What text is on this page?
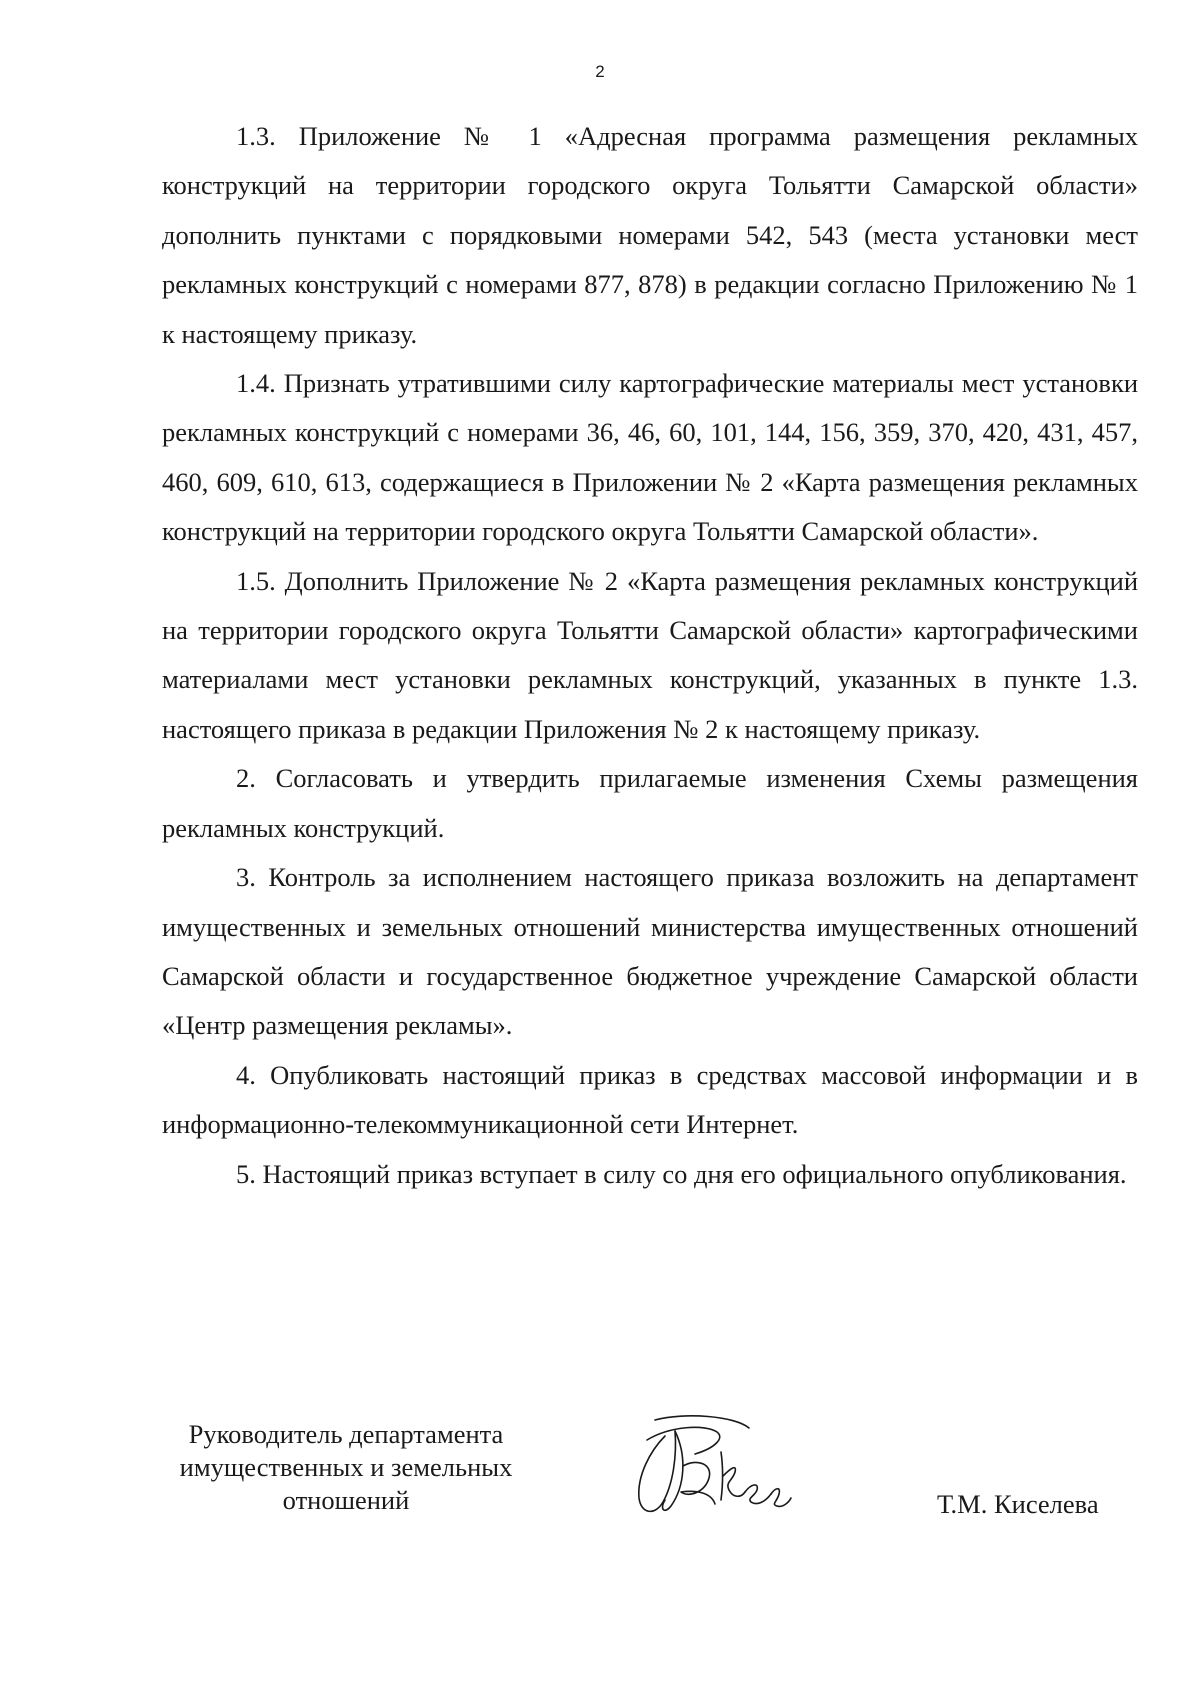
2

1.3. Приложение № 1 «Адресная программа размещения рекламных конструкций на территории городского округа Тольятти Самарской области» дополнить пунктами с порядковыми номерами 542, 543 (места установки мест рекламных конструкций с номерами 877, 878) в редакции согласно Приложению № 1 к настоящему приказу.

1.4. Признать утратившими силу картографические материалы мест установки рекламных конструкций с номерами 36, 46, 60, 101, 144, 156, 359, 370, 420, 431, 457, 460, 609, 610, 613, содержащиеся в Приложении № 2 «Карта размещения рекламных конструкций на территории городского округа Тольятти Самарской области».

1.5. Дополнить Приложение № 2 «Карта размещения рекламных конструкций на территории городского округа Тольятти Самарской области» картографическими материалами мест установки рекламных конструкций, указанных в пункте 1.3. настоящего приказа в редакции Приложения № 2 к настоящему приказу.

2. Согласовать и утвердить прилагаемые изменения Схемы размещения рекламных конструкций.

3. Контроль за исполнением настоящего приказа возложить на департамент имущественных и земельных отношений министерства имущественных отношений Самарской области и государственное бюджетное учреждение Самарской области «Центр размещения рекламы».

4. Опубликовать настоящий приказ в средствах массовой информации и в информационно-телекоммуникационной сети Интернет.

5. Настоящий приказ вступает в силу со дня его официального опубликования.

Руководитель департамента
имущественных и земельных
отношений	Т.М. Киселева
